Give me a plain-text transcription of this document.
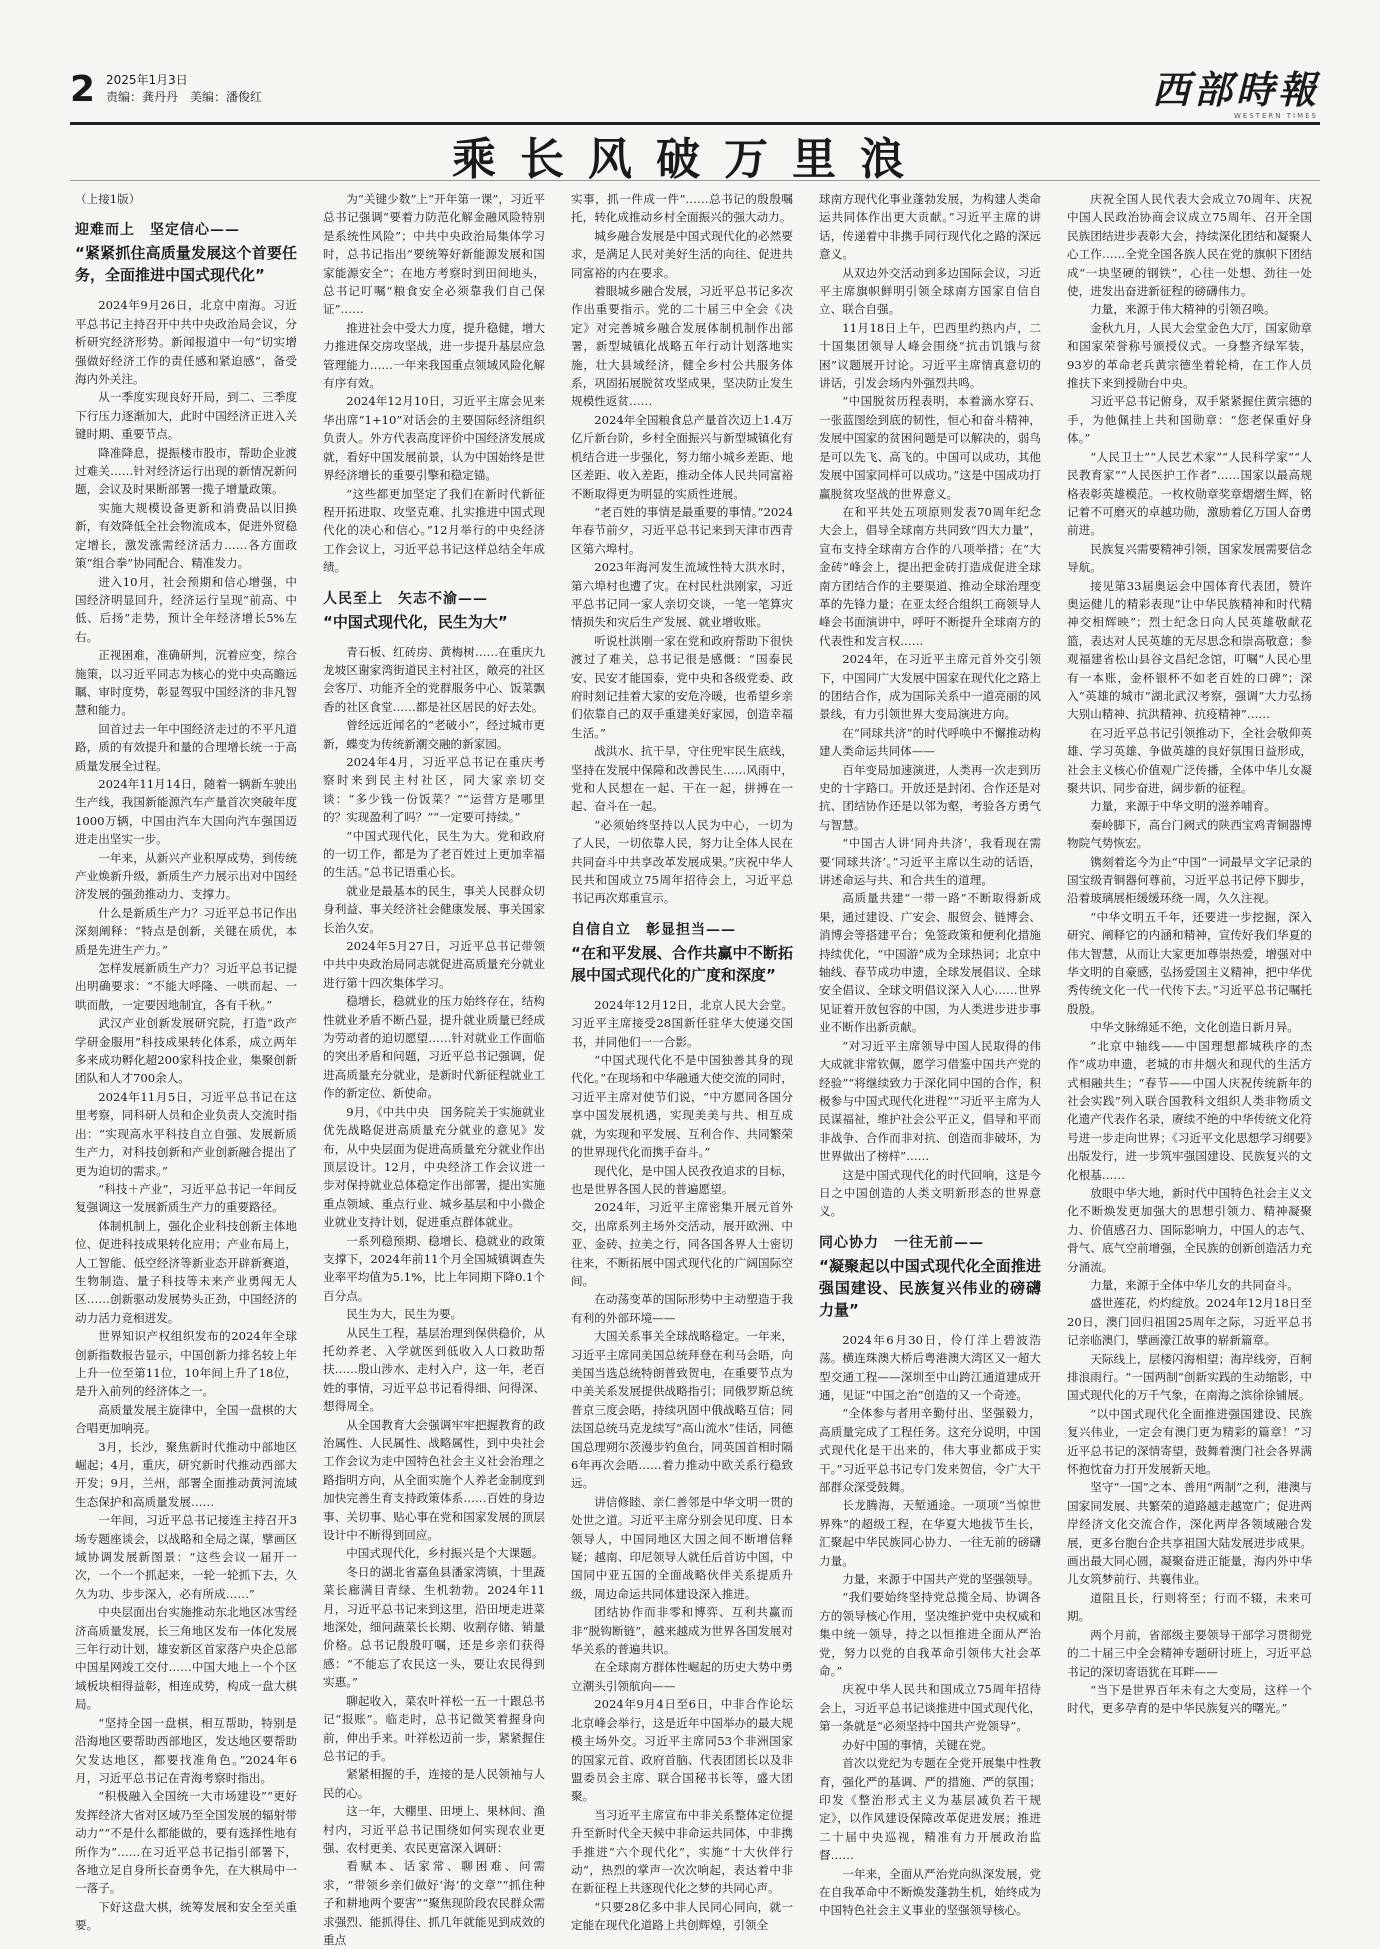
2 2025年1月3日
责编：龚丹丹　美编：潘俊红	西部時報
WESTERN TIMES
乘长风破万里浪

（上接1版）

迎难而上　坚定信心——

“紧紧抓住高质量发展这个首要任务，全面推进中国式现代化”

2024年9月26日，北京中南海。习近平总书记主持召开中共中央政治局会议，分析研究经济形势。新闻报道中一句“切实增强做好经济工作的责任感和紧迫感”，备受海内外关注。

从一季度实现良好开局，到二、三季度下行压力逐渐加大，此时中国经济正进入关键时期、重要节点。

降准降息，提振楼市股市，帮助企业渡过难关……针对经济运行出现的新情况新问题，会议及时果断部署一揽子增量政策。

实施大规模设备更新和消费品以旧换新，有效降低全社会物流成本，促进外贸稳定增长，激发涨需经济活力……各方面政策“组合拳”协同配合、精准发力。

进入10月，社会预期和信心增强，中国经济明显回升，经济运行呈现“前高、中低、后扬”走势，预计全年经济增长5%左右。

正视困难，准确研判，沉着应变，综合施策，以习近平同志为核心的党中央高瞻远瞩、审时度势，彰显驾驭中国经济的非凡智慧和能力。

回首过去一年中国经济走过的不平凡道路，质的有效提升和量的合理增长统一于高质量发展全过程。

2024年11月14日，随着一辆新车驶出生产线，我国新能源汽车产量首次突破年度1000万辆，中国由汽车大国向汽车强国迈进走出坚实一步。

一年来，从新兴产业积厚成势，到传统产业焕新升级，新质生产力展示出对中国经济发展的强劲推动力、支撑力。

什么是新质生产力？习近平总书记作出深刻阐释：“特点是创新，关键在质优，本质是先进生产力。”

怎样发展新质生产力？习近平总书记提出明确要求：“不能大呼隆、一哄而起、一哄而散，一定要因地制宜，各有千秋。”

武汉产业创新发展研究院，打造“政产学研金服用”科技成果转化体系，成立两年多来成功孵化超200家科技企业，集聚创新团队和人才700余人。

2024年11月5日，习近平总书记在这里考察，同科研人员和企业负责人交流时指出：“实现高水平科技自立自强、发展新质生产力，对科技创新和产业创新融合提出了更为迫切的需求。”

“科技＋产业”，习近平总书记一年间反复强调这一发展新质生产力的重要路径。

体制机制上，强化企业科技创新主体地位、促进科技成果转化应用；产业布局上，人工智能、低空经济等新业态开辟新赛道，生物制造、量子科技等未来产业勇闯无人区……创新驱动发展势头正劲，中国经济的动力活力竞相迸发。

世界知识产权组织发布的2024年全球创新指数报告显示，中国创新力排名较上年上升一位至第11位，10年间上升了18位，是升入前列的经济体之一。

高质量发展主旋律中，全国一盘棋的大合唱更加响亮。

3月，长沙，聚焦新时代推动中部地区崛起；4月，重庆，研究新时代推动西部大开发；9月，兰州，部署全面推动黄河流域生态保护和高质量发展……

一年间，习近平总书记接连主持召开3场专题座谈会，以战略和全局之谋，擘画区域协调发展新图景：“这些会议一届开一次，一个一个抓起来，一轮一轮抓下去，久久为功、步步深入，必有所成……”

中央层面出台实施推动东北地区冰雪经济高质量发展，长三角地区发布一体化发展三年行动计划，雄安新区首家落户央企总部中国星网竣工交付……中国大地上一个个区域板块相得益彰，相连成势，构成一盘大棋局。

“坚持全国一盘棋，相互帮助，特别是沿海地区要帮助西部地区，发达地区要帮助欠发达地区，都要找准角色。”2024年6月，习近平总书记在青海考察时指出。

“积极融入全国统一大市场建设”“更好发挥经济大省对区域乃至全国发展的辐射带动力”“不是什么都能做的，要有选择性地有所作为”……在习近平总书记指引部署下，各地立足自身所长奋勇争先，在大棋局中一一落子。

下好这盘大棋，统筹发展和安全至关重要。

为“关键少数”上“开年第一课”，习近平总书记强调“要着力防范化解金融风险特别是系统性风险”；中共中央政治局集体学习时，总书记指出“要统筹好新能源发展和国家能源安全”；在地方考察时到田间地头，总书记叮嘱“粮食安全必须靠我们自己保证”……

推进社会中受大力度，提升稳健，增大力推进保交房攻坚战，进一步提升基层应急管理能力……一年来我国重点领域风险化解有序有效。

2024年12月10日，习近平主席会见来华出席“1+10”对话会的主要国际经济组织负责人。外方代表高度评价中国经济发展成就，看好中国发展前景，认为中国始终是世界经济增长的重要引擎和稳定锚。

“这些都更加坚定了我们在新时代新征程开拓进取、攻坚克难、扎实推进中国式现代化的决心和信心。”12月举行的中央经济工作会议上，习近平总书记这样总结全年成绩。

人民至上　矢志不渝——

“中国式现代化，民生为大”

青石板、红砖房、黄梅树……在重庆九龙坡区谢家湾街道民主村社区，敞亮的社区会客厅、功能齐全的党群服务中心、饭菜飘香的社区食堂……都是社区居民的好去处。

曾经远近闻名的“老破小”，经过城市更新，蝶变为传统新潮交融的新家园。

2024年4月，习近平总书记在重庆考察时来到民主村社区，同大家亲切交谈：“多少钱一份饭菜？”“运营方是哪里的？实现盈利了吗？”“一定要可持续。”

“中国式现代化，民生为大。党和政府的一切工作，都是为了老百姓过上更加幸福的生活。”总书记语重心长。

就业是最基本的民生，事关人民群众切身利益、事关经济社会健康发展、事关国家长治久安。

2024年5月27日，习近平总书记带领中共中央政治局同志就促进高质量充分就业进行第十四次集体学习。

稳增长，稳就业的压力始终存在，结构性就业矛盾不断凸显，提升就业质量已经成为劳动者的迫切愿望……针对就业工作面临的突出矛盾和问题，习近平总书记强调，促进高质量充分就业，是新时代新征程就业工作的新定位、新使命。

9月，《中共中央　国务院关于实施就业优先战略促进高质量充分就业的意见》发布，从中央层面为促进高质量充分就业作出顶层设计。12月，中央经济工作会议进一步对保持就业总体稳定作出部署，提出实施重点领域、重点行业、城乡基层和中小微企业就业支持计划，促进重点群体就业。

一系列稳预期、稳增长、稳就业的政策支撑下，2024年前11个月全国城镇调查失业率平均值为5.1%，比上年同期下降0.1个百分点。

民生为大，民生为要。

从民生工程，基层治理到保供稳价，从托幼养老、入学就医到低收入人口救助帮扶……殷山涉水、走村入户，这一年，老百姓的事情，习近平总书记看得细、问得深、想得周全。

从全国教育大会强调牢牢把握教育的政治属性、人民属性、战略属性，到中央社会工作会议为走中国特色社会主义社会治理之路指明方向，从全面实施个人养老金制度到加快完善生育支持政策体系……百姓的身边事、关切事、贴心事在党和国家发展的顶层设计中不断得到回应。

中国式现代化，乡村振兴是个大课题。

冬日的湖北省嘉鱼县潘家湾镇，十里蔬菜长廊满目青绿、生机勃勃。2024年11月，习近平总书记来到这里，沿田埂走进菜地深处，细问蔬菜长长期、收割存储、销量价格。总书记殷殷叮嘱，还是乡亲们获得感：“不能忘了农民这一头，要让农民得到实惠。”

聊起收入，菜农叶祥松一五一十跟总书记“报账”。临走时，总书记微笑着握身向前，伸出手来。叶祥松迈前一步，紧紧握住总书记的手。

紧紧相握的手，连接的是人民领袖与人民的心。

这一年，大棚里、田埂上、果林间、渔村内，习近平总书记围绕如何实现农业更强、农村更美、农民更富深入调研：

看赋本、话家常、聊困难、问需求，“带领乡亲们做好‘海’的文章”“抓住种子和耕地两个要害”“聚焦现阶段农民群众需求强烈、能抓得住、抓几年就能见到成效的重点

实事，抓一件成一件”……总书记的殷殷嘱托，转化成推动乡村全面振兴的强大动力。

城乡融合发展是中国式现代化的必然要求，是满足人民对美好生活的向往、促进共同富裕的内在要求。

着眼城乡融合发展，习近平总书记多次作出重要指示。党的二十届三中全会《决定》对完善城乡融合发展体制机制作出部署，新型城镇化战略五年行动计划落地实施，壮大县域经济，健全乡村公共服务体系，巩固拓展脱贫攻坚成果，坚决防止发生规模性返贫……

2024年全国粮食总产量首次迈上1.4万亿斤新台阶，乡村全面振兴与新型城镇化有机结合进一步强化，努力缩小城乡差距、地区差距、收入差距，推动全体人民共同富裕不断取得更为明显的实质性进展。

“老百姓的事情是最重要的事情。”2024年春节前夕，习近平总书记来到天津市西青区第六埠村。

2023年海河发生流域性特大洪水时，第六埠村也遭了灾。在村民杜洪刚家，习近平总书记同一家人亲切交谈，一笔一笔算灾情损失和灾后生产发展、就业增收账。

听说杜洪刚一家在党和政府帮助下很快渡过了难关，总书记很是感慨：“国泰民安、民安才能国泰，党中央和各级党委、政府时刻记挂着大家的安危冷暖，也希望乡亲们依靠自己的双手重建美好家园，创造幸福生活。”

战洪水、抗干旱，守住兜牢民生底线，坚持在发展中保障和改善民生……风雨中，党和人民想在一起、干在一起，拼搏在一起、奋斗在一起。

“必须始终坚持以人民为中心，一切为了人民，一切依靠人民，努力让全体人民在共同奋斗中共享改革发展成果。”庆祝中华人民共和国成立75周年招待会上，习近平总书记再次郑重宣示。

自信自立　彰显担当——

“在和平发展、合作共赢中不断拓展中国式现代化的广度和深度”

2024年12月12日，北京人民大会堂。习近平主席接受28国新任驻华大使递交国书，并同他们一一合影。

“中国式现代化不是中国独善其身的现代化。”在现场和中华融通大使交流的同时，习近平主席对使节们说，“中方愿同各国分享中国发展机遇，实现美美与共、相互成就，为实现和平发展、互利合作、共同繁荣的世界现代化而携手奋斗。”

现代化，是中国人民孜孜追求的目标，也是世界各国人民的普遍愿望。

2024年，习近平主席密集开展元首外交，出席系列主场外交活动，展开欧洲、中亚、金砖、拉美之行，同各国各界人士密切往来，不断拓展中国式现代化的广阔国际空间。

在动荡变革的国际形势中主动塑造于我有利的外部环境——

大国关系事关全球战略稳定。一年来，习近平主席同美国总统拜登在利马会晤，向美国当选总统特朗普致贺电，在重要节点为中美关系发展提供战略指引；同俄罗斯总统普京三度会晤，持续巩固中俄战略互信；同法国总统马克龙续写“高山流水”佳话，同德国总理朔尔茨漫步钓鱼台，同英国首相时隔6年再次会晤……着力推动中欧关系行稳致远。

讲信修睦、亲仁善邻是中华文明一贯的处世之道。习近平主席分别会见印度、日本领导人，中国同地区大国之间不断增信释疑；越南、印尼领导人就任后首访中国，中国同中亚五国的全面战略伙伴关系提质升级，周边命运共同体建设深入推进。

团结协作而非零和博弈、互利共赢而非“脱钩断链”，越来越成为世界各国发展对华关系的普遍共识。

在全球南方群体性崛起的历史大势中勇立潮头引领航向——

2024年9月4日至6日，中非合作论坛北京峰会举行，这是近年中国举办的最大规模主场外交。习近平主席同53个非洲国家的国家元首、政府首脑、代表团团长以及非盟委员会主席、联合国秘书长等，盛大团聚。

当习近平主席宣布中非关系整体定位提升至新时代全天候中非命运共同体，中非携手推进“六个现代化”，实施“十大伙伴行动”，热烈的掌声一次次响起，表达着中非在新征程上共逐现代化之梦的共同心声。

“只要28亿多中非人民同心同向，就一定能在现代化道路上共创辉煌，引领全

球南方现代化事业蓬勃发展，为构建人类命运共同体作出更大贡献。”习近平主席的讲话，传递着中非携手同行现代化之路的深远意义。

从双边外交活动到多边国际会议，习近平主席旗帜鲜明引领全球南方国家自信自立、联合自强。

11月18日上午，巴西里约热内卢，二十国集团领导人峰会围绕“抗击饥饿与贫困”议题展开讨论。习近平主席情真意切的讲话，引发会场内外强烈共鸣。

“中国脱贫历程表明，本着滴水穿石、一张蓝图绘到底的韧性，恒心和奋斗精神，发展中国家的贫困问题是可以解决的，弱鸟是可以先飞、高飞的。中国可以成功，其他发展中国家同样可以成功。”这是中国成功打赢脱贫攻坚战的世界意义。

在和平共处五项原则发表70周年纪念大会上，倡导全球南方共同致“四大力量”，宣布支持全球南方合作的八项举措；在“大金砖”峰会上，提出把金砖打造成促进全球南方团结合作的主要渠道、推动全球治理变革的先锋力量；在亚太经合组织工商领导人峰会书面演讲中，呼吁不断提升全球南方的代表性和发言权……

2024年，在习近平主席元首外交引领下，中国同广大发展中国家在现代化之路上的团结合作，成为国际关系中一道亮丽的风景线，有力引领世界大变局演进方向。

在“同球共济”的时代呼唤中不懈推动构建人类命运共同体——

百年变局加速演进，人类再一次走到历史的十字路口。开放还是封闭、合作还是对抗、团结协作还是以邻为壑，考验各方勇气与智慧。

“中国古人讲‘同舟共济’，我看现在需要‘同球共济’。”习近平主席以生动的话语，讲述命运与共、和合共生的道理。

高质量共建“一带一路”不断取得新成果，通过建设、广安会、服贸会、链博会、消博会等搭建平台；免签政策和便利化措施持续优化，“中国游”成为全球热词；北京中轴线、春节成功申遗，全球发展倡议、全球安全倡议、全球文明倡议深入人心……世界见证着开放包容的中国，为人类进步进步事业不断作出新贡献。

“对习近平主席领导中国人民取得的伟大成就非常钦佩，愿学习借鉴中国共产党的经验”“将继续致力于深化同中国的合作，积极参与中国式现代化进程”“习近平主席为人民谋福祉，维护社会公平正义，倡导和平而非战争、合作而非对抗、创造而非破坏，为世界做出了榜样”……

这是中国式现代化的时代回响，这是今日之中国创造的人类文明新形态的世界意义。

同心协力　一往无前——

“凝聚起以中国式现代化全面推进强国建设、民族复兴伟业的磅礴力量”

2024年6月30日，伶仃洋上碧波浩荡。横连珠澳大桥后粤港澳大湾区又一超大型交通工程——深圳至中山跨江通道建成开通，见证“中国之治”创造的又一个奇迹。

“全体参与者用辛勤付出、坚强毅力，高质量完成了工程任务。这充分说明，中国式现代化是干出来的，伟大事业都成于实干。”习近平总书记专门发来贺信，令广大干部群众深受鼓舞。

长龙腾海，天堑通途。一项项“当惊世界殊”的超级工程，在华夏大地拔节生长，汇聚起中华民族同心协力、一往无前的磅礴力量。

力量，来源于中国共产党的坚强领导。

“我们要始终坚持党总揽全局、协调各方的领导核心作用，坚决维护党中央权威和集中统一领导，持之以恒推进全面从严治党，努力以党的自我革命引领伟大社会革命。”

庆祝中华人民共和国成立75周年招待会上，习近平总书记谈推进中国式现代化，第一条就是“必须坚持中国共产党领导”。

办好中国的事情，关键在党。

首次以党纪为专题在全党开展集中性教育，强化严的基调、严的措施、严的氛围；印发《整治形式主义为基层减负若干规定》，以作风建设保障改革促进发展；推进二十届中央巡视，精准有力开展政治监督……

一年来，全面从严治党向纵深发展，党在自我革命中不断焕发蓬勃生机，始终成为中国特色社会主义事业的坚强领导核心。

庆祝全国人民代表大会成立70周年、庆祝中国人民政治协商会议成立75周年、召开全国民族团结进步表彰大会，持续深化团结和凝聚人心工作……全党全国各族人民在党的旗帜下团结成“一块坚硬的钢铁”，心往一处想、劲往一处使，进发出奋进新征程的磅礴伟力。

力量，来源于伟大精神的引领召唤。

金秋九月，人民大会堂金色大厅，国家勋章和国家荣誉称号颁授仪式。一身整齐绿军装，93岁的革命老兵黄宗德坐着轮椅，在工作人员推扶下来到授勋台中央。

习近平总书记俯身，双手紧紧握住黄宗德的手，为他佩挂上共和国勋章：“您老保重好身体。”

“人民卫士”“人民艺术家”“人民科学家”“人民教育家”“人民医护工作者”……国家以最高规格表彰英雄模范。一枚枚勋章奖章熠熠生辉，铭记着不可磨灭的卓越功勋，激励着亿万国人奋勇前进。

民族复兴需要精神引领，国家发展需要信念导航。

接见第33届奥运会中国体育代表团，赞许奥运健儿的精彩表现“让中华民族精神和时代精神交相辉映”；烈士纪念日向人民英雄敬献花篮，表达对人民英雄的无尽思念和崇高敬意；参观福建省松山县谷文昌纪念馆，叮嘱“人民心里有一本账，金杯银杯不如老百姓的口碑”；深入“英雄的城市”湖北武汉考察，强调“大力弘扬大别山精神、抗洪精神、抗疫精神”……

在习近平总书记引领推动下，全社会敬仰英雄、学习英雄、争做英雄的良好氛围日益形成，社会主义核心价值观广泛传播，全体中华儿女凝聚共识、同步奋进，阔步新的征程。

力量，来源于中华文明的滋养哺育。

秦岭脚下，高台门阙式的陕西宝鸡青铜器博物院气势恢宏。

镌刻着迄今为止“中国”一词最早文字记录的国宝级青铜器何尊前，习近平总书记停下脚步，沿着玻璃展柜缓缓环绕一周，久久注视。

“中华文明五千年，还要进一步挖掘，深入研究、阐释它的内涵和精神，宣传好我们华夏的伟大智慧，从而让大家更加尊崇热爱，增强对中华文明的自豪感，弘扬爱国主义精神，把中华优秀传统文化一代一代传下去。”习近平总书记嘱托殷殷。

中华文脉绵延不绝，文化创造日新月异。

“北京中轴线——中国理想都城秩序的杰作”成功申遗，老城的市井烟火和现代的生活方式相融共生；“春节——中国人庆祝传统新年的社会实践”列入联合国教科文组织人类非物质文化遗产代表作名录，赓续不绝的中华传统文化符号进一步走向世界；《习近平文化思想学习纲要》出版发行，进一步筑牢强国建设、民族复兴的文化根基……

放眼中华大地，新时代中国特色社会主义文化不断焕发更加强大的思想引领力、精神凝聚力、价值感召力、国际影响力，中国人的志气、骨气、底气空前增强，全民族的创新创造活力充分涌流。

力量，来源于全体中华儿女的共同奋斗。

盛世莲花，灼灼绽放。2024年12月18日至20日，澳门回归祖国25周年之际，习近平总书记亲临澳门，擘画濠江故事的崭新篇章。

天际线上，层楼闪海相望；海岸线旁，百舸排浪雨行。“一国两制”创新实践的生动缩影，中国式现代化的万千气象，在南海之滨徐徐铺展。

“以中国式现代化全面推进强国建设、民族复兴伟业，一定会有澳门更为精彩的篇章！”习近平总书记的深情寄望，鼓舞着澳门社会各界满怀抱忱奋力打开发展新天地。

坚守“一国”之本、善用“两制”之利，港澳与国家同发展、共繁荣的道路越走越宽广；促进两岸经济文化交流合作，深化两岸各领域融合发展，更多台胞台企共享祖国大陆发展进步成果。画出最大同心圆，凝聚奋进正能量，海内外中华儿女筑梦前行、共襄伟业。

道阻且长，行则将至；行而不辍，未来可期。

两个月前，省部级主要领导干部学习贯彻党的二十届三中全会精神专题研讨班上，习近平总书记的深切寄语犹在耳畔——

“当下是世界百年未有之大变局，这样一个时代，更多孕育的是中华民族复兴的曙光。”
